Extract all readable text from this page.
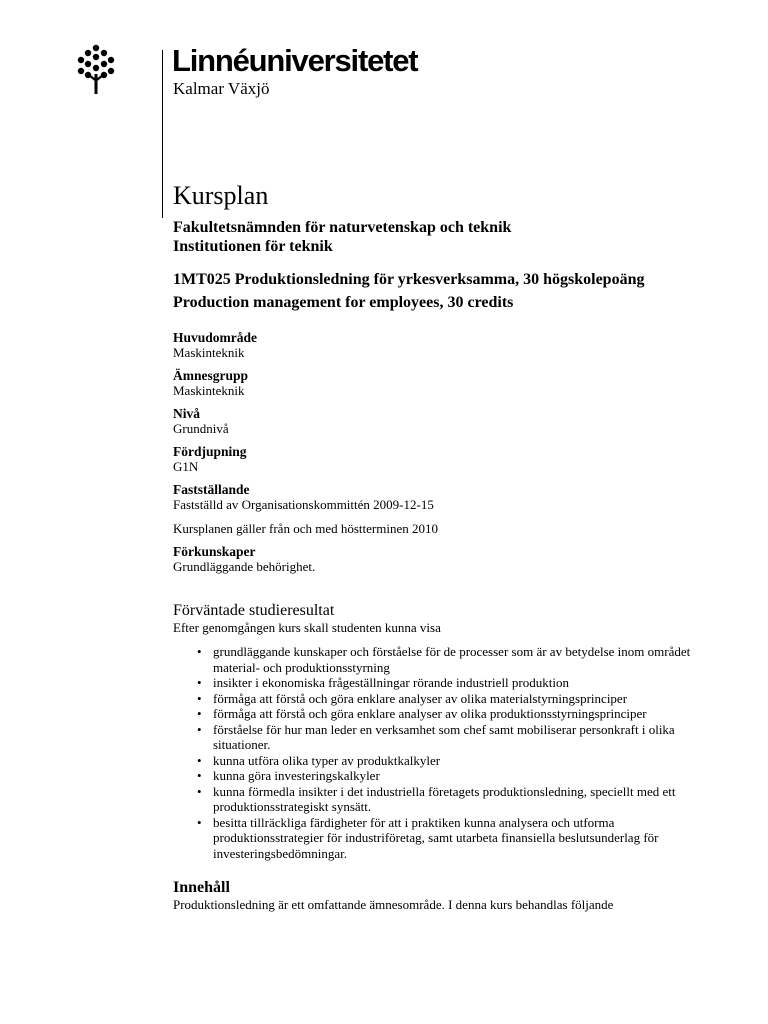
Linnéuniversitetet
Kalmar Växjö
Kursplan

Fakultetsnämnden för naturvetenskap och teknik

Institutionen för teknik

1MT025 Produktionsledning för yrkesverksamma, 30 högskolepoäng

Production management for employees, 30 credits

Huvudområde

Maskinteknik

Ämnesgrupp

Maskinteknik

Nivå

Grundnivå

Fördjupning

G1N

Fastställande

Fastställd av Organisationskommittén 2009-12-15

Kursplanen gäller från och med höstterminen 2010

Förkunskaper

Grundläggande behörighet.

Förväntade studieresultat

Efter genomgången kurs skall studenten kunna visa

• grundläggande kunskaper och förståelse för de processer som är av betydelse inom området material- och produktionsstyrning
• insikter i ekonomiska frågeställningar rörande industriell produktion
• förmåga att förstå och göra enklare analyser av olika materialstyrningsprinciper
• förmåga att förstå och göra enklare analyser av olika produktionsstyrningsprinciper
• förståelse för hur man leder en verksamhet som chef samt mobiliserar personkraft i olika situationer.
• kunna utföra olika typer av produktkalkyler
• kunna göra investeringskalkyler
• kunna förmedla insikter i det industriella företagets produktionsledning, speciellt med ett produktionsstrategiskt synsätt.
• besitta tillräckliga färdigheter för att i praktiken kunna analysera och utforma produktionsstrategier för industriföretag, samt utarbeta finansiella beslutsunderlag för investeringsbedömningar.

Innehåll

Produktionsledning är ett omfattande ämnesområde. I denna kurs behandlas följande
